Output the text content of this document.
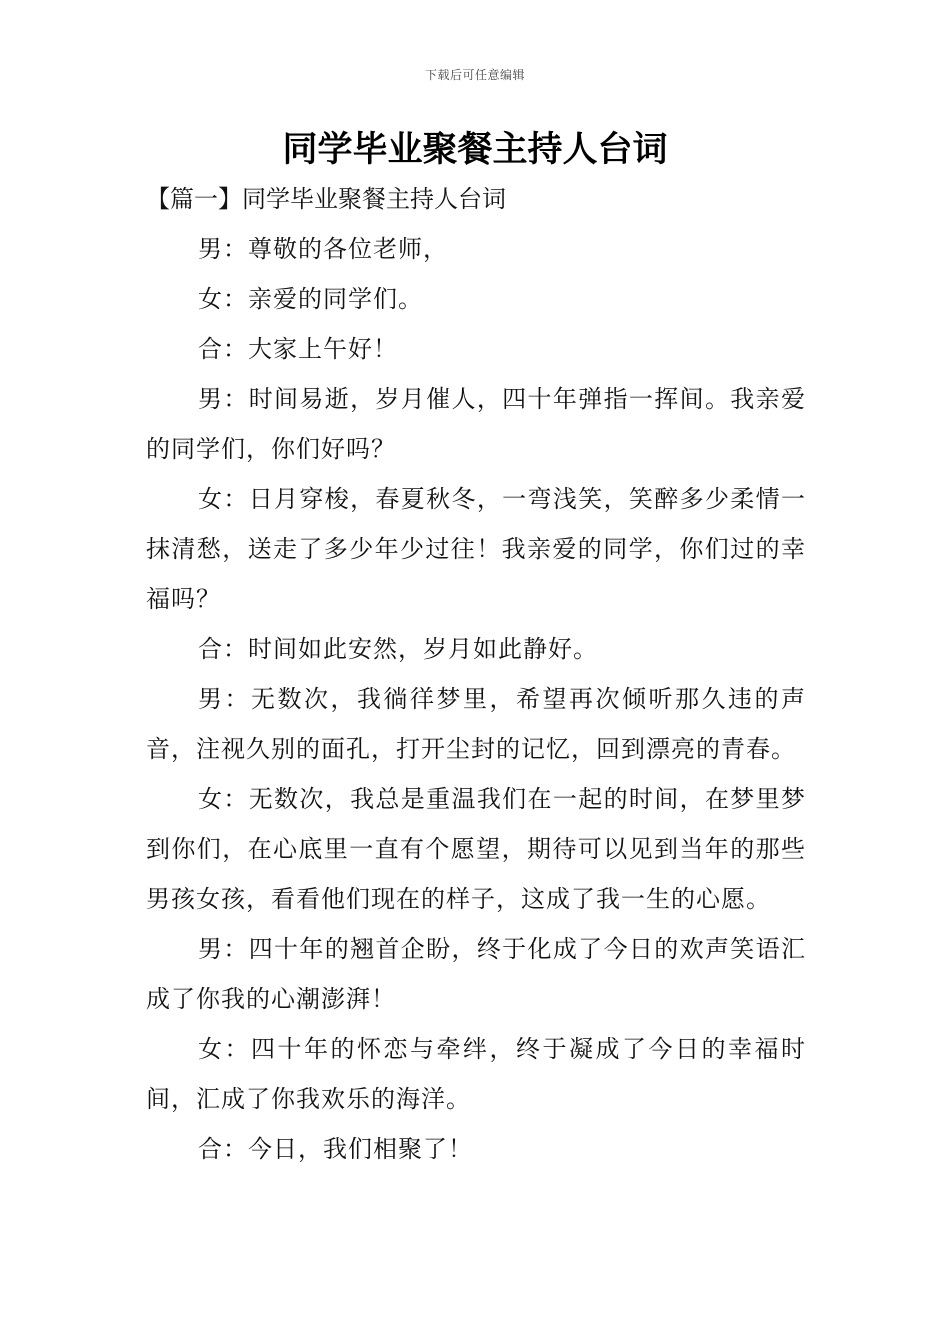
下载后可任意编辑
同学毕业聚餐主持人台词
【篇一】同学毕业聚餐主持人台词

男：尊敬的各位老师，

女：亲爱的同学们。

合：大家上午好！

男：时间易逝，岁月催人，四十年弹指一挥间。我亲爱的同学们，你们好吗？

女：日月穿梭，春夏秋冬，一弯浅笑，笑醉多少柔情一抹清愁，送走了多少年少过往！我亲爱的同学，你们过的幸福吗？

合：时间如此安然，岁月如此静好。

男：无数次，我徜徉梦里，希望再次倾听那久违的声音，注视久别的面孔，打开尘封的记忆，回到漂亮的青春。

女：无数次，我总是重温我们在一起的时间，在梦里梦到你们，在心底里一直有个愿望，期待可以见到当年的那些男孩女孩，看看他们现在的样子，这成了我一生的心愿。

男：四十年的翘首企盼，终于化成了今日的欢声笑语汇成了你我的心潮澎湃！

女：四十年的怀恋与牵绊，终于凝成了今日的幸福时间，汇成了你我欢乐的海洋。

合：今日，我们相聚了！
